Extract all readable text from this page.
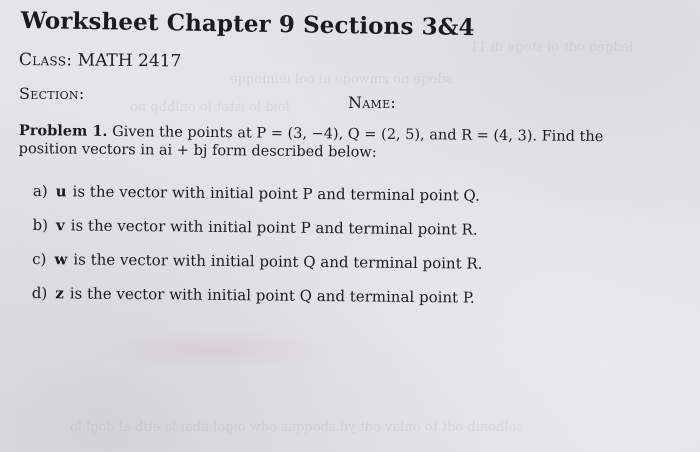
ledgeq odt oi stoge di 11
sdoqe no zmwoge ai ool ieinioqqe
loid lo istot lo onlbbp no
solhonib odt to onlav odt yd.sboqqus odw oigol iibai lo etib al dogl lo
Worksheet Chapter 9 Sections 3&4
Class: MATH 2417
Section:	Name:
Problem 1. Given the points at P = (3, −4), Q = (2, 5), and R = (4, 3). Find the
position vectors in ai + bj form described below:
a) u is the vector with initial point P and terminal point Q.
b) v is the vector with initial point P and terminal point R.
c) w is the vector with initial point Q and terminal point R.
d) z is the vector with initial point Q and terminal point P.
